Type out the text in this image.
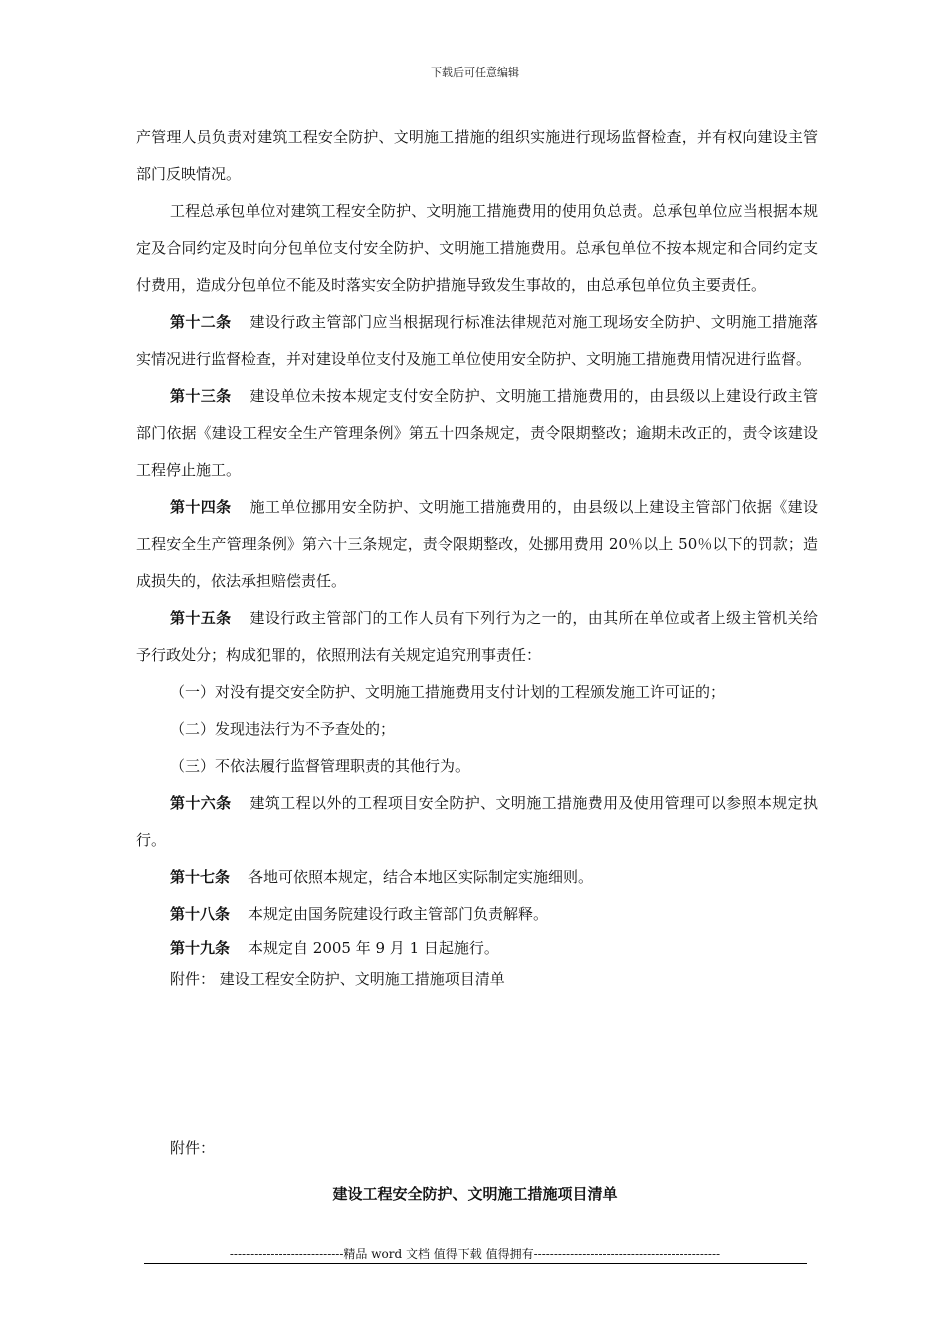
下载后可任意编辑

产管理人员负责对建筑工程安全防护、文明施工措施的组织实施进行现场监督检查，并有权向建设主管部门反映情况。

工程总承包单位对建筑工程安全防护、文明施工措施费用的使用负总责。总承包单位应当根据本规定及合同约定及时向分包单位支付安全防护、文明施工措施费用。总承包单位不按本规定和合同约定支付费用，造成分包单位不能及时落实安全防护措施导致发生事故的，由总承包单位负主要责任。

第十二条 建设行政主管部门应当根据现行标准法律规范对施工现场安全防护、文明施工措施落实情况进行监督检查，并对建设单位支付及施工单位使用安全防护、文明施工措施费用情况进行监督。

第十三条 建设单位未按本规定支付安全防护、文明施工措施费用的，由县级以上建设行政主管部门依据《建设工程安全生产管理条例》第五十四条规定，责令限期整改；逾期未改正的，责令该建设工程停止施工。

第十四条 施工单位挪用安全防护、文明施工措施费用的，由县级以上建设主管部门依据《建设工程安全生产管理条例》第六十三条规定，责令限期整改，处挪用费用 20％以上 50％以下的罚款；造成损失的，依法承担赔偿责任。

第十五条 建设行政主管部门的工作人员有下列行为之一的，由其所在单位或者上级主管机关给予行政处分；构成犯罪的，依照刑法有关规定追究刑事责任：

（一）对没有提交安全防护、文明施工措施费用支付计划的工程颁发施工许可证的；

（二）发现违法行为不予查处的；

（三）不依法履行监督管理职责的其他行为。

第十六条 建筑工程以外的工程项目安全防护、文明施工措施费用及使用管理可以参照本规定执行。

第十七条 各地可依照本规定，结合本地区实际制定实施细则。

第十八条 本规定由国务院建设行政主管部门负责解释。

第十九条 本规定自 2005 年 9 月 1 日起施行。

附件： 建设工程安全防护、文明施工措施项目清单

附件：
建设工程安全防护、文明施工措施项目清单
----------------------------精品 word 文档 值得下载 值得拥有----------------------------------------------
